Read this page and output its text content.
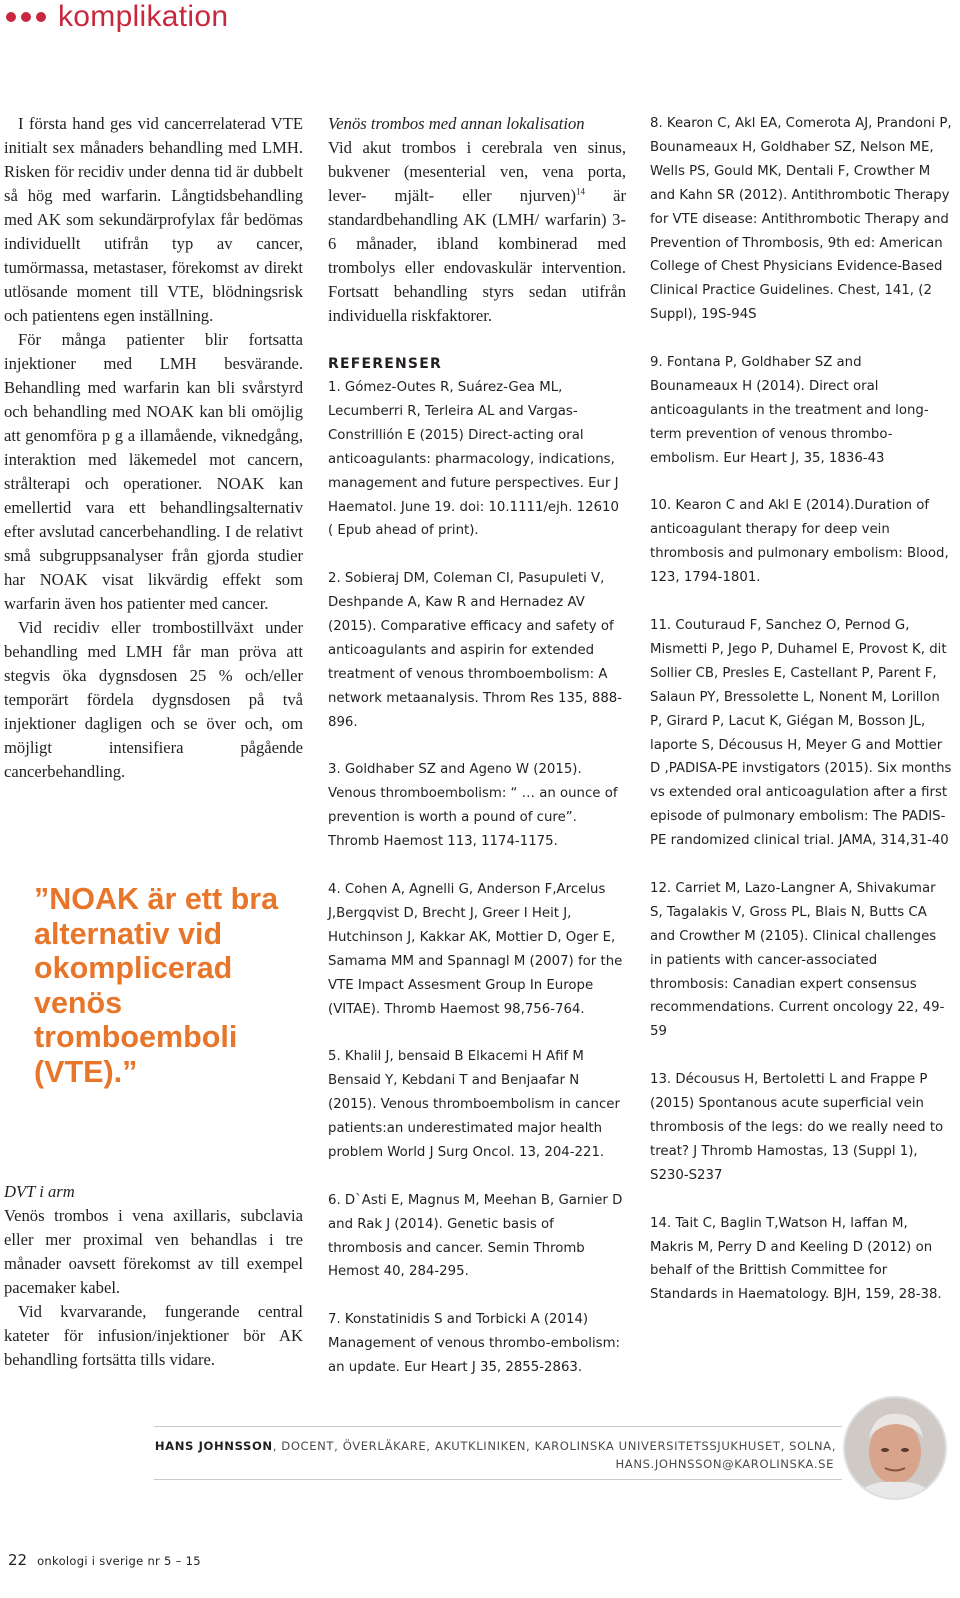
komplikation

I första hand ges vid cancerrelaterad VTE initialt sex månaders behandling med LMH. Risken för recidiv under denna tid är dubbelt så hög med warfarin. Långtidsbehandling med AK som sekundärprofylax får bedömas individuellt utifrån typ av cancer, tumörmassa, metastaser, förekomst av direkt utlösande moment till VTE, blödningsrisk och patientens egen inställning.

För många patienter blir fortsatta injektioner med LMH besvärande. Behandling med warfarin kan bli svårstyrd och behandling med NOAK kan bli omöjlig att genomföra p g a illamående, viknedgång, interaktion med läkemedel mot cancern, strålterapi och operationer. NOAK kan emellertid vara ett behandlingsalternativ efter avslutad cancerbehandling. I de relativt små subgruppsanalyser från gjorda studier har NOAK visat likvärdig effekt som warfarin även hos patienter med cancer.

Vid recidiv eller trombostillväxt under behandling med LMH får man pröva att stegvis öka dygnsdosen 25 % och/eller temporärt fördela dygnsdosen på två injektioner dagligen och se över och, om möjligt intensifiera pågående cancerbehandling.

”NOAK är ett bra alternativ vid okomplicerad venös tromboemboli (VTE).”

DVT i arm

Venös trombos i vena axillaris, subclavia eller mer proximal ven behandlas i tre månader oavsett förekomst av till exempel pacemaker kabel.

Vid kvarvarande, fungerande central kateter för infusion/injektioner bör AK behandling fortsätta tills vidare.

Venös trombos med annan lokalisation

Vid akut trombos i cerebrala ven sinus, bukvener (mesenterial ven, vena porta, lever- mjält- eller njurven)$^{14}$ är standardbehandling AK (LMH/ warfarin) 3- 6 månader, ibland kombinerad med trombolys eller endovaskulär intervention. Fortsatt behandling styrs sedan utifrån individuella riskfaktorer.

REFERENSER

1. Gómez-Outes R, Suárez-Gea ML, Lecumberri R, Terleira AL and Vargas-Constrillión E (2015) Direct-acting oral anticoagulants: pharmacology, indications, management and future perspectives. Eur J Haematol. June 19. doi: 10.1111/ejh. 12610 ( Epub ahead of print).

2. Sobieraj DM, Coleman CI, Pasupuleti V, Deshpande A, Kaw R and Hernadez AV (2015). Comparative efficacy and safety of anticoagulants and aspirin for extended treatment of venous thromboembolism: A network metaanalysis. Throm Res 135, 888-896.

3. Goldhaber SZ and Ageno W (2015). Venous thromboembolism: “ … an ounce of prevention is worth a pound of cure”. Thromb Haemost 113, 1174-1175.

4. Cohen A, Agnelli G, Anderson F,Arcelus J,Bergqvist D, Brecht J, Greer I Heit J, Hutchinson J, Kakkar AK, Mottier D, Oger E, Samama MM and Spannagl M (2007) for the VTE Impact Assesment Group In Europe (VITAE). Thromb Haemost 98,756-764.

5. Khalil J, bensaid B Elkacemi H Afif M Bensaid Y, Kebdani T and Benjaafar N (2015). Venous thromboembolism in cancer patients:an underestimated major health problem World J Surg Oncol. 13, 204-221.

6. D`Asti E, Magnus M, Meehan B, Garnier D and Rak J (2014). Genetic basis of thrombosis and cancer. Semin Thromb Hemost 40, 284-295.

7. Konstatinidis S and Torbicki A (2014) Management of venous thrombo-embolism: an update. Eur Heart J 35, 2855-2863.

8. Kearon C, Akl EA, Comerota AJ, Prandoni P, Bounameaux H, Goldhaber SZ, Nelson ME, Wells PS, Gould MK, Dentali F, Crowther M and Kahn SR (2012). Antithrombotic Therapy for VTE disease: Antithrombotic Therapy and Prevention of Thrombosis, 9th ed: American College of Chest Physicians Evidence-Based Clinical Practice Guidelines. Chest, 141, (2 Suppl), 19S-94S

9. Fontana P, Goldhaber SZ and Bounameaux H (2014). Direct oral anticoagulants in the treatment and long-term prevention of venous thrombo-embolism. Eur Heart J, 35, 1836-43

10. Kearon C and Akl E (2014).Duration of anticoagulant therapy for deep vein thrombosis and pulmonary embolism: Blood, 123, 1794-1801.

11. Couturaud F, Sanchez O, Pernod G, Mismetti P, Jego P, Duhamel E, Provost K, dit Sollier CB, Presles E, Castellant P, Parent F, Salaun PY, Bressolette L, Nonent M, Lorillon P, Girard P, Lacut K, Giégan M, Bosson JL, laporte S, Décousus H, Meyer G and Mottier D ,PADISA-PE invstigators (2015). Six months vs extended oral anticoagulation after a first episode of pulmonary embolism: The PADIS-PE randomized clinical trial. JAMA, 314,31-40

12. Carriet M, Lazo-Langner A, Shivakumar S, Tagalakis V, Gross PL, Blais N, Butts CA and Crowther M (2105). Clinical challenges in patients with cancer-associated thrombosis: Canadian expert consensus recommendations. Current oncology 22, 49-59

13. Décousus H, Bertoletti L and Frappe P (2015) Spontanous acute superficial vein thrombosis of the legs: do we really need to treat? J Thromb Hamostas, 13 (Suppl 1), S230-S237

14. Tait C, Baglin T,Watson H, laffan M, Makris M, Perry D and Keeling D (2012) on behalf of the Brittish Committee for Standards in Haematology. BJH, 159, 28-38.

HANS JOHNSSON, DOCENT, ÖVERLÄKARE, AKUTKLINIKEN, KAROLINSKA UNIVERSITETSSJUKHUSET, SOLNA,
HANS.JOHNSSON@KAROLINSKA.SE
22 onkologi i sverige nr 5 – 15
